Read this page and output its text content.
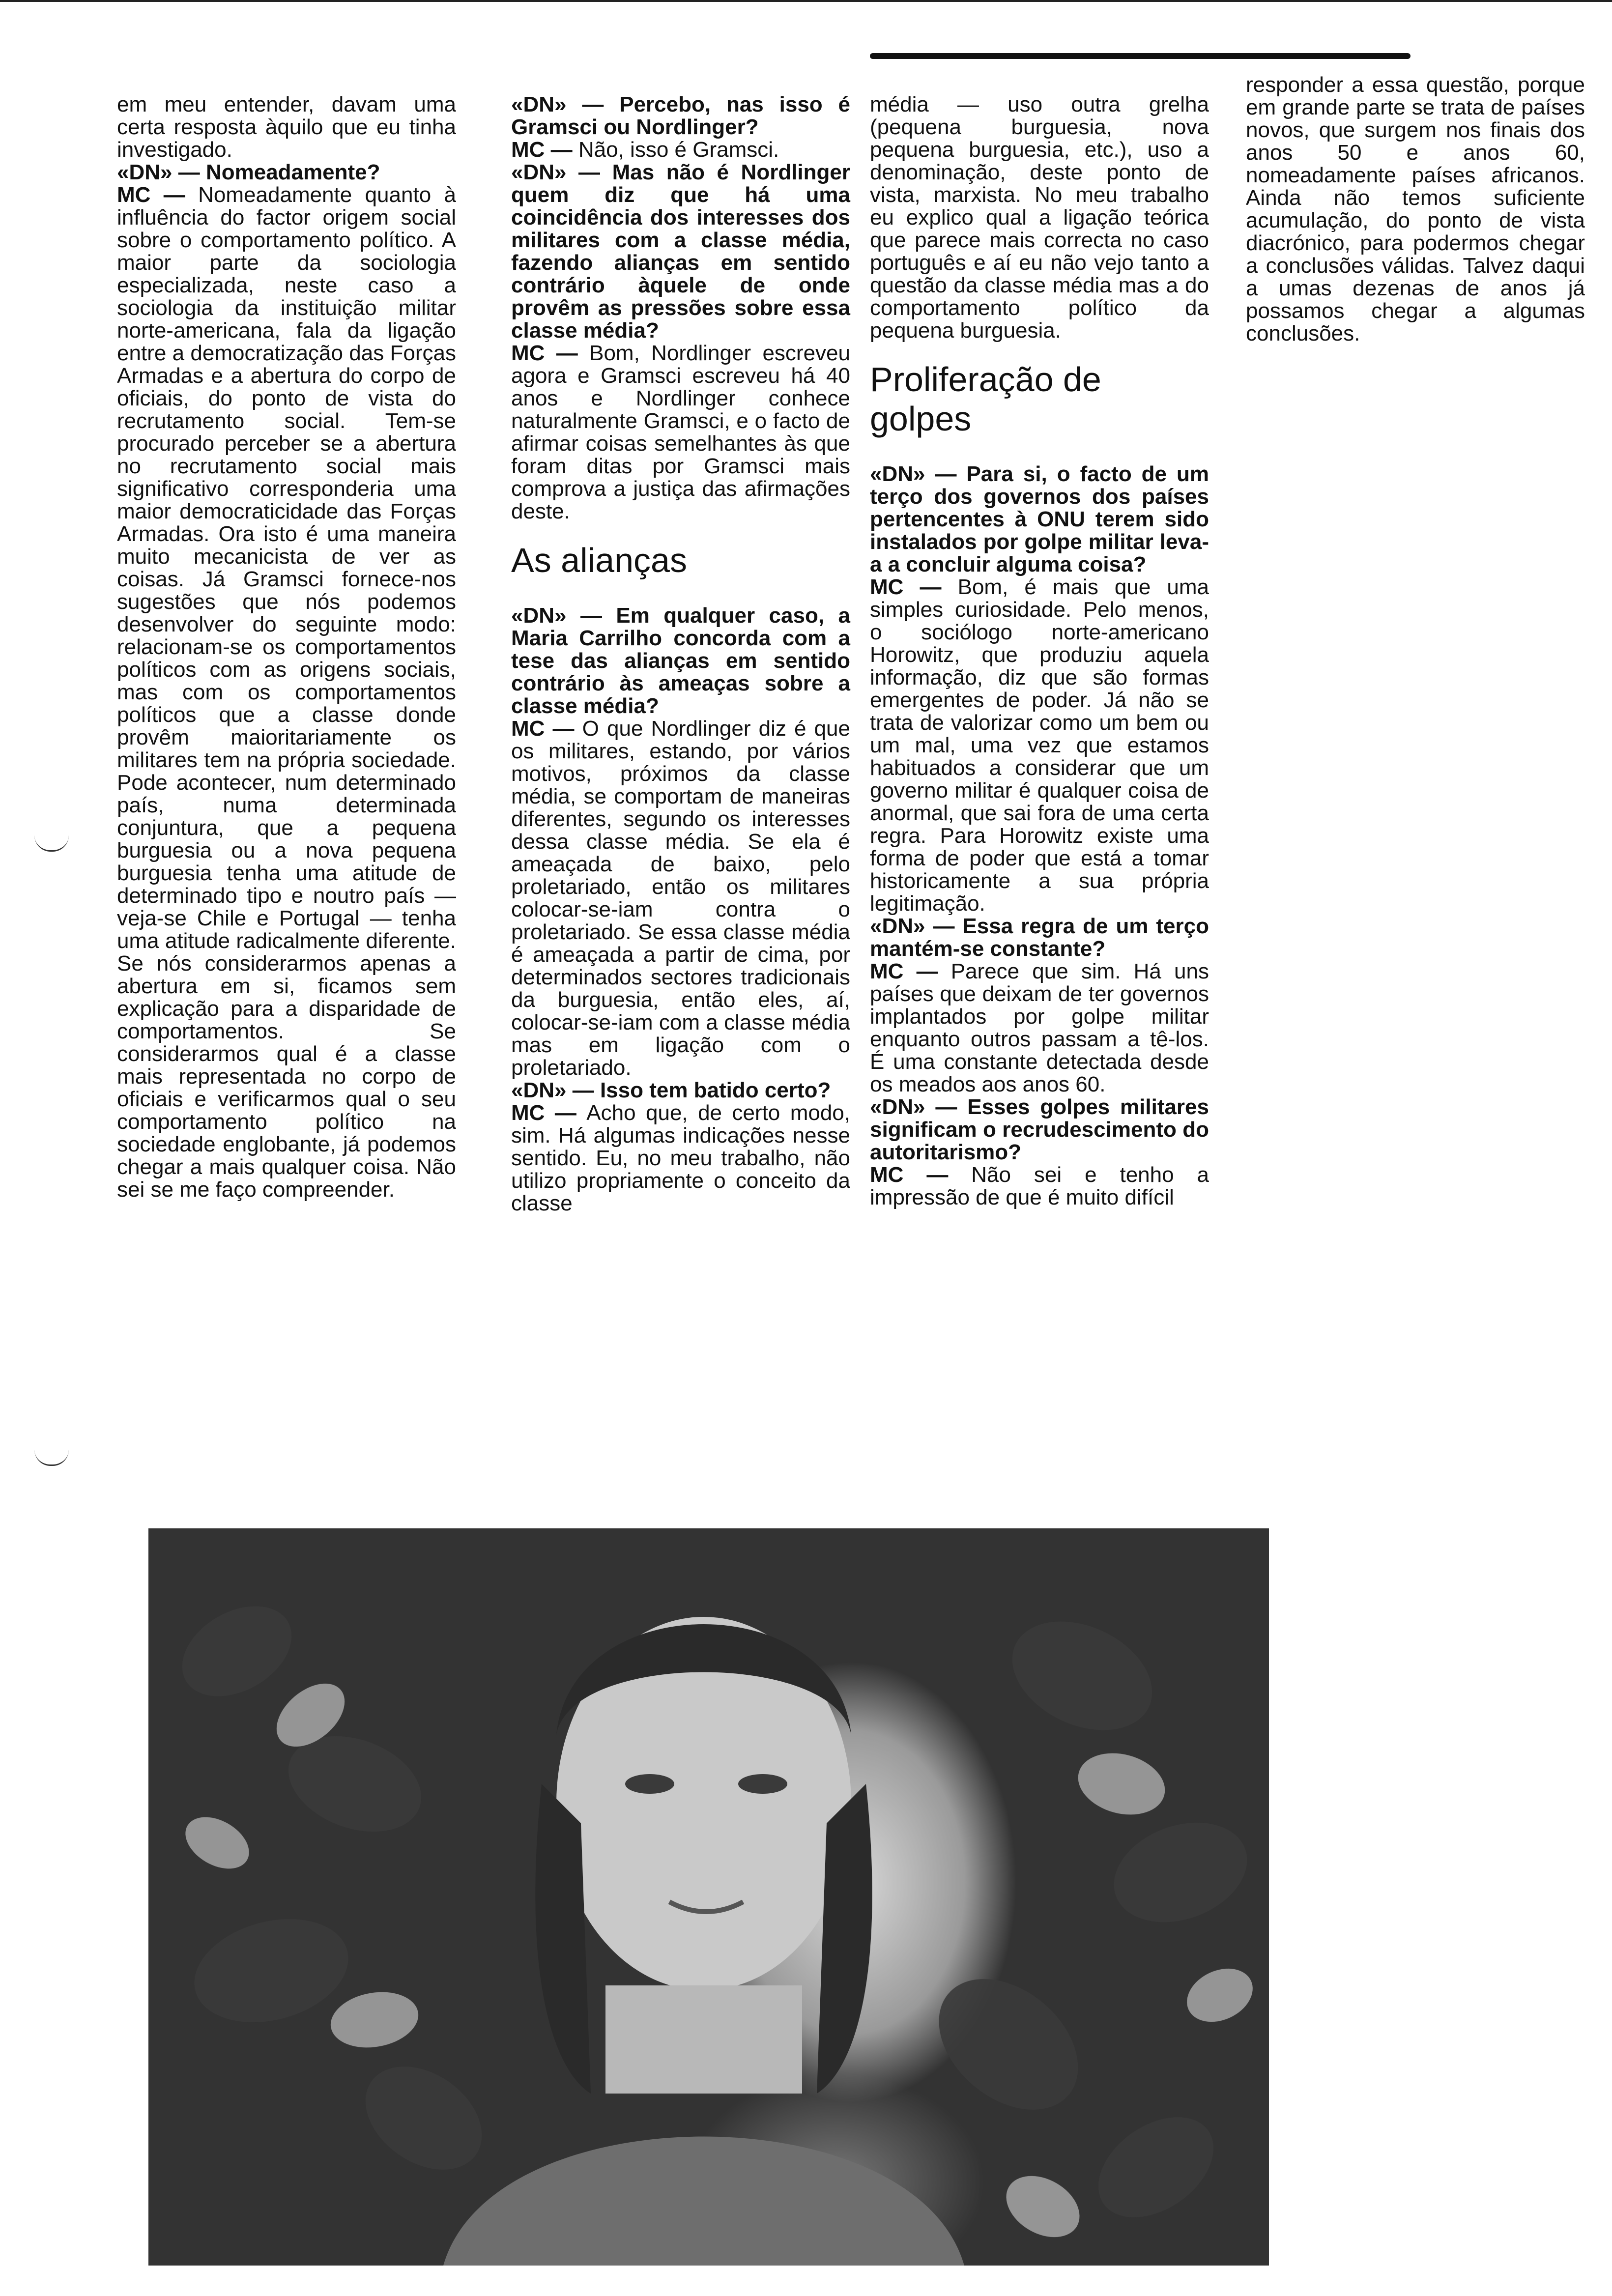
em meu entender, davam uma certa resposta àquilo que eu tinha investigado.

«DN» — Nomeadamente?

MC — Nomeadamente quanto à influência do factor origem social sobre o comportamento político. A maior parte da sociologia especializada, neste caso a sociologia da instituição militar norte-americana, fala da ligação entre a democratização das Forças Armadas e a abertura do corpo de oficiais, do ponto de vista do recrutamento social. Tem-se procurado perceber se a abertura no recrutamento social mais significativo corresponderia uma maior democraticidade das Forças Armadas. Ora isto é uma maneira muito mecanicista de ver as coisas. Já Gramsci fornece-nos sugestões que nós podemos desenvolver do seguinte modo: relacionam-se os comportamentos políticos com as origens sociais, mas com os comportamentos políticos que a classe donde provêm maioritariamente os militares tem na própria sociedade. Pode acontecer, num determinado país, numa determinada conjuntura, que a pequena burguesia ou a nova pequena burguesia tenha uma atitude de determinado tipo e noutro país — veja-se Chile e Portugal — tenha uma atitude radicalmente diferente. Se nós considerarmos apenas a abertura em si, ficamos sem explicação para a disparidade de comportamentos. Se considerarmos qual é a classe mais representada no corpo de oficiais e verificarmos qual o seu comportamento político na sociedade englobante, já podemos chegar a mais qualquer coisa. Não sei se me faço compreender.

«DN» — Percebo, nas isso é Gramsci ou Nordlinger?

MC — Não, isso é Gramsci.

«DN» — Mas não é Nordlinger quem diz que há uma coincidência dos interesses dos militares com a classe média, fazendo alianças em sentido contrário àquele de onde provêm as pressões sobre essa classe média?

MC — Bom, Nordlinger escreveu agora e Gramsci escreveu há 40 anos e Nordlinger conhece naturalmente Gramsci, e o facto de afirmar coisas semelhantes às que foram ditas por Gramsci mais comprova a justiça das afirmações deste.

As alianças

«DN» — Em qualquer caso, a Maria Carrilho concorda com a tese das alianças em sentido contrário às ameaças sobre a classe média?

MC — O que Nordlinger diz é que os militares, estando, por vários motivos, próximos da classe média, se comportam de maneiras diferentes, segundo os interesses dessa classe média. Se ela é ameaçada de baixo, pelo proletariado, então os militares colocar-se-iam contra o proletariado. Se essa classe média é ameaçada a partir de cima, por determinados sectores tradicionais da burguesia, então eles, aí, colocar-se-iam com a classe média mas em ligação com o proletariado.

«DN» — Isso tem batido certo?

MC — Acho que, de certo modo, sim. Há algumas indicações nesse sentido. Eu, no meu trabalho, não utilizo propriamente o conceito da classe

média — uso outra grelha (pequena burguesia, nova pequena burguesia, etc.), uso a denominação, deste ponto de vista, marxista. No meu trabalho eu explico qual a ligação teórica que parece mais correcta no caso português e aí eu não vejo tanto a questão da classe média mas a do comportamento político da pequena burguesia.

Proliferação de golpes

«DN» — Para si, o facto de um terço dos governos dos países pertencentes à ONU terem sido instalados por golpe militar leva-a a concluir alguma coisa?

MC — Bom, é mais que uma simples curiosidade. Pelo menos, o sociólogo norte-americano Horowitz, que produziu aquela informação, diz que são formas emergentes de poder. Já não se trata de valorizar como um bem ou um mal, uma vez que estamos habituados a considerar que um governo militar é qualquer coisa de anormal, que sai fora de uma certa regra. Para Horowitz existe uma forma de poder que está a tomar historicamente a sua própria legitimação.

«DN» — Essa regra de um terço mantém-se constante?

MC — Parece que sim. Há uns países que deixam de ter governos implantados por golpe militar enquanto outros passam a tê-los. É uma constante detectada desde os meados aos anos 60.

«DN» — Esses golpes militares significam o recrudescimento do autoritarismo?

MC — Não sei e tenho a impressão de que é muito difícil

responder a essa questão, porque em grande parte se trata de países novos, que surgem nos finais dos anos 50 e anos 60, nomeadamente países africanos. Ainda não temos suficiente acumulação, do ponto de vista diacrónico, para podermos chegar a conclusões válidas. Talvez daqui a umas dezenas de anos já possamos chegar a algumas conclusões.
